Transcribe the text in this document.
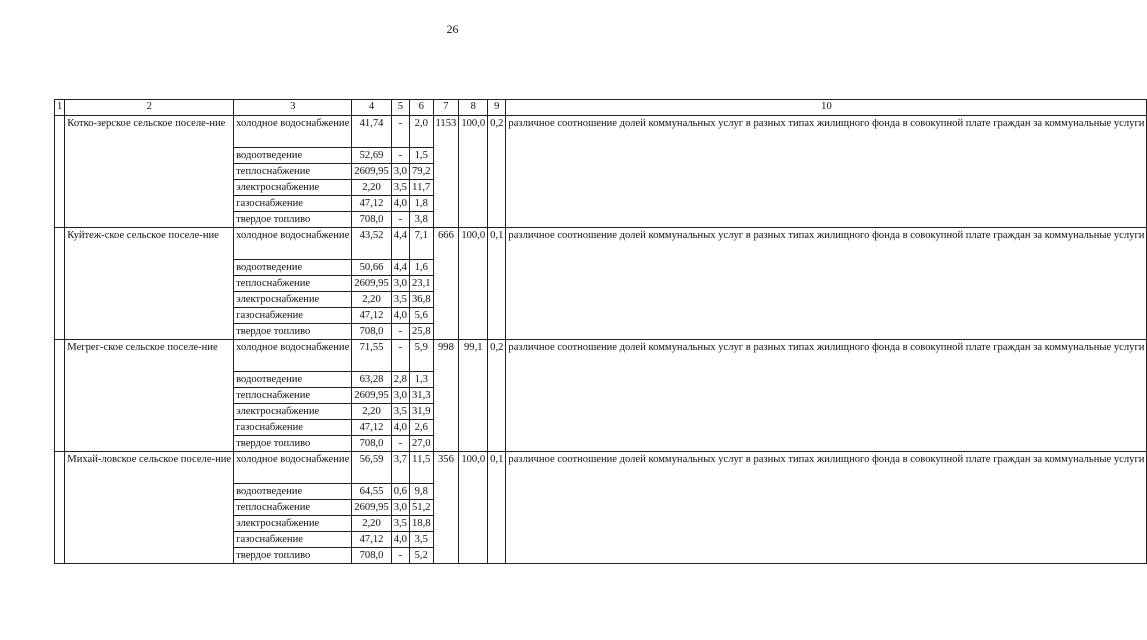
26
1	2	3	4	5	6	7	8	9	10
	Котко-зерское сельское поселе-ние	холодное водоснабжение	41,74	-	2,0	1153	100,0	0,2	различное соотношение долей коммунальных услуг в разных типах жилищного фонда в совокупной плате граждан за коммунальные услуги
		водоотведение	52,69	-	1,5				
		теплоснабжение	2609,95	3,0	79,2				
		электроснабжение	2,20	3,5	11,7				
		газоснабжение	47,12	4,0	1,8				
		твердое топливо	708,0	-	3,8				
	Куйтеж-ское сельское поселе-ние	холодное водоснабжение	43,52	4,4	7,1	666	100,0	0,1	различное соотношение долей коммунальных услуг в разных типах жилищного фонда в совокупной плате граждан за коммунальные услуги
		водоотведение	50,66	4,4	1,6				
		теплоснабжение	2609,95	3,0	23,1				
		электроснабжение	2,20	3,5	36,8				
		газоснабжение	47,12	4,0	5,6				
		твердое топливо	708,0	-	25,8				
	Мегрег-ское сельское поселе-ние	холодное водоснабжение	71,55	-	5,9	998	99,1	0,2	различное соотношение долей коммунальных услуг в разных типах жилищного фонда в совокупной плате граждан за коммунальные услуги
		водоотведение	63,28	2,8	1,3				
		теплоснабжение	2609,95	3,0	31,3				
		электроснабжение	2,20	3,5	31,9				
		газоснабжение	47,12	4,0	2,6				
		твердое топливо	708,0	-	27,0				
	Михай-ловское сельское поселе-ние	холодное водоснабжение	56,59	3,7	11,5	356	100,0	0,1	различное соотношение долей коммунальных услуг в разных типах жилищного фонда в совокупной плате граждан за коммунальные услуги
		водоотведение	64,55	0,6	9,8				
		теплоснабжение	2609,95	3,0	51,2				
		электроснабжение	2,20	3,5	18,8				
		газоснабжение	47,12	4,0	3,5				
		твердое топливо	708,0	-	5,2				
